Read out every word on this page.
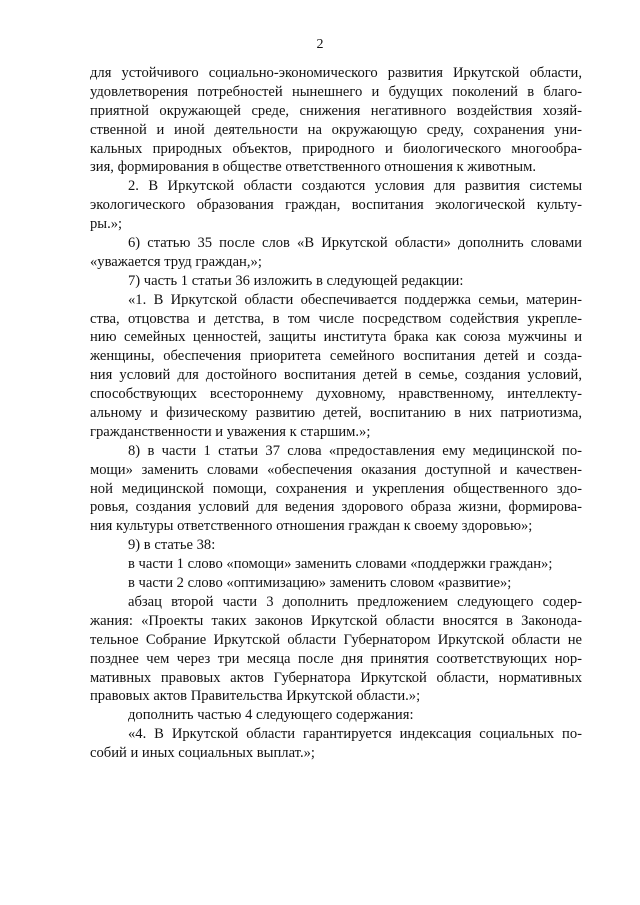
2
для устойчивого социально-экономического развития Иркутской области,
удовлетворения потребностей нынешнего и будущих поколений в благо-
приятной окружающей среде, снижения негативного воздействия хозяй-
ственной и иной деятельности на окружающую среду, сохранения уни-
кальных природных объектов, природного и биологического многообра-
зия, формирования в обществе ответственного отношения к животным.
2. В Иркутской области создаются условия для развития системы
экологического образования граждан, воспитания экологической культу-
ры.»;
6) статью 35 после слов «В Иркутской области» дополнить словами
«уважается труд граждан,»;
7) часть 1 статьи 36 изложить в следующей редакции:
«1. В Иркутской области обеспечивается поддержка семьи, материн-
ства, отцовства и детства, в том числе посредством содействия укрепле-
нию семейных ценностей, защиты института брака как союза мужчины и
женщины, обеспечения приоритета семейного воспитания детей и созда-
ния условий для достойного воспитания детей в семье, создания условий,
способствующих всестороннему духовному, нравственному, интеллекту-
альному и физическому развитию детей, воспитанию в них патриотизма,
гражданственности и уважения к старшим.»;
8) в части 1 статьи 37 слова «предоставления ему медицинской по-
мощи» заменить словами «обеспечения оказания доступной и качествен-
ной медицинской помощи, сохранения и укрепления общественного здо-
ровья, создания условий для ведения здорового образа жизни, формирова-
ния культуры ответственного отношения граждан к своему здоровью»;
9) в статье 38:
в части 1 слово «помощи» заменить словами «поддержки граждан»;
в части 2 слово «оптимизацию» заменить словом «развитие»;
абзац второй части 3 дополнить предложением следующего содер-
жания: «Проекты таких законов Иркутской области вносятся в Законода-
тельное Собрание Иркутской области Губернатором Иркутской области не
позднее чем через три месяца после дня принятия соответствующих нор-
мативных правовых актов Губернатора Иркутской области, нормативных
правовых актов Правительства Иркутской области.»;
дополнить частью 4 следующего содержания:
«4. В Иркутской области гарантируется индексация социальных по-
собий и иных социальных выплат.»;
